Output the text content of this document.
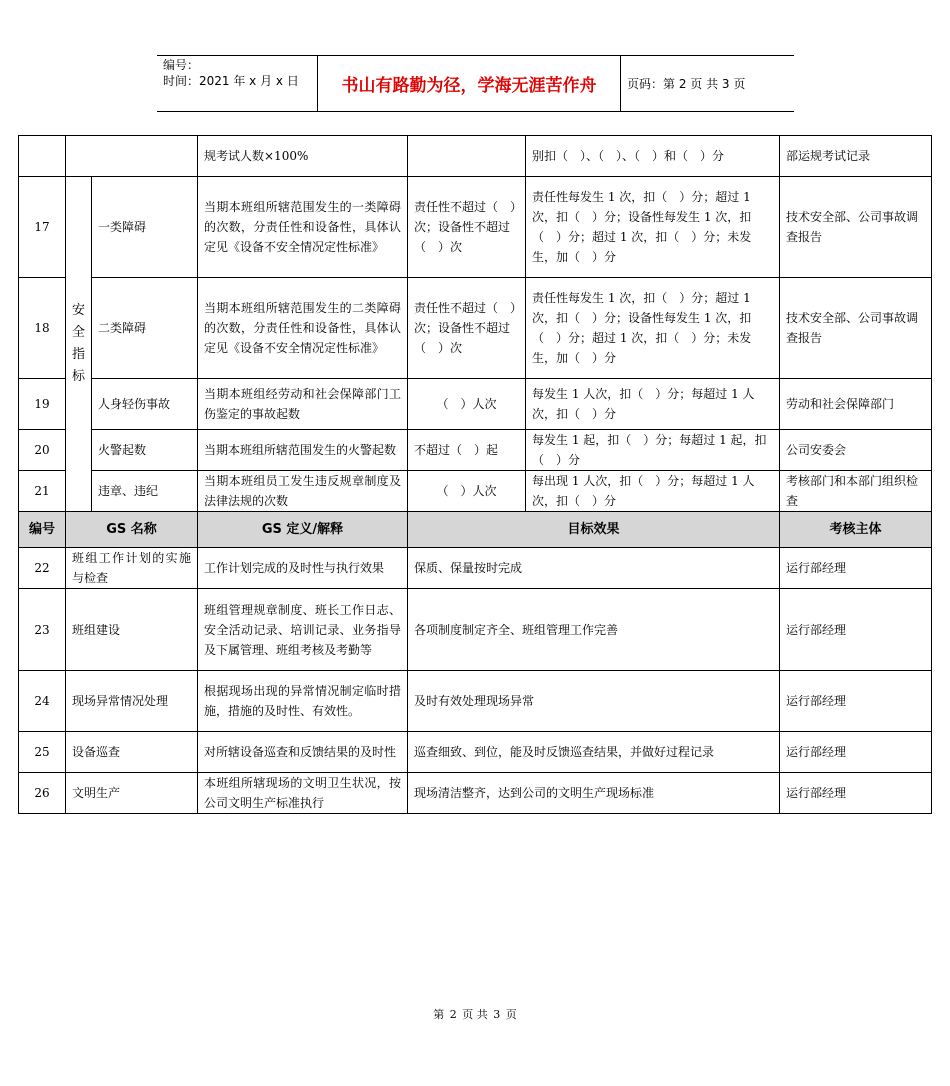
编号：
时间：2021 年 x 月 x 日	书山有路勤为径，学海无涯苦作舟	页码：第 2 页 共 3 页
			规考试人数×100%		别扣（　）、（　）、（　）和（　）分	部运规考试记录
17	安全指标	一类障碍	当期本班组所辖范围发生的一类障碍的次数，分责任性和设备性，具体认定见《设备不安全情况定性标准》	责任性不超过（　）次；设备性不超过（　）次	责任性每发生 1 次，扣（　）分；超过 1 次，扣（　）分；设备性每发生 1 次，扣（　）分；超过 1 次，扣（　）分；未发生，加（　）分	技术安全部、公司事故调查报告
18		二类障碍	当期本班组所辖范围发生的二类障碍的次数，分责任性和设备性，具体认定见《设备不安全情况定性标准》	责任性不超过（　）次；设备性不超过（　）次	责任性每发生 1 次，扣（　）分；超过 1 次，扣（　）分；设备性每发生 1 次，扣（　）分；超过 1 次，扣（　）分；未发生，加（　）分	技术安全部、公司事故调查报告
19		人身轻伤事故	当期本班组经劳动和社会保障部门工伤鉴定的事故起数	（　）人次	每发生 1 人次，扣（　）分；每超过 1 人次，扣（　）分	劳动和社会保障部门
20		火警起数	当期本班组所辖范围发生的火警起数	不超过（　）起	每发生 1 起，扣（　）分；每超过 1 起，扣（　）分	公司安委会
21		违章、违纪	当期本班组员工发生违反规章制度及法律法规的次数	（　）人次	每出现 1 人次，扣（　）分；每超过 1 人次，扣（　）分	考核部门和本部门组织检查
编号	GS 名称		GS 定义/解释	目标效果		考核主体
22	班组工作计划的实施与检查		工作计划完成的及时性与执行效果	保质、保量按时完成		运行部经理
23	班组建设		班组管理规章制度、班长工作日志、安全活动记录、培训记录、业务指导及下属管理、班组考核及考勤等	各项制度制定齐全、班组管理工作完善		运行部经理
24	现场异常情况处理		根据现场出现的异常情况制定临时措施，措施的及时性、有效性。	及时有效处理现场异常		运行部经理
25	设备巡查		对所辖设备巡查和反馈结果的及时性	巡查细致、到位，能及时反馈巡查结果，并做好过程记录		运行部经理
26	文明生产		本班组所辖现场的文明卫生状况，按公司文明生产标准执行	现场清洁整齐，达到公司的文明生产现场标准		运行部经理
第 2 页 共 3 页
